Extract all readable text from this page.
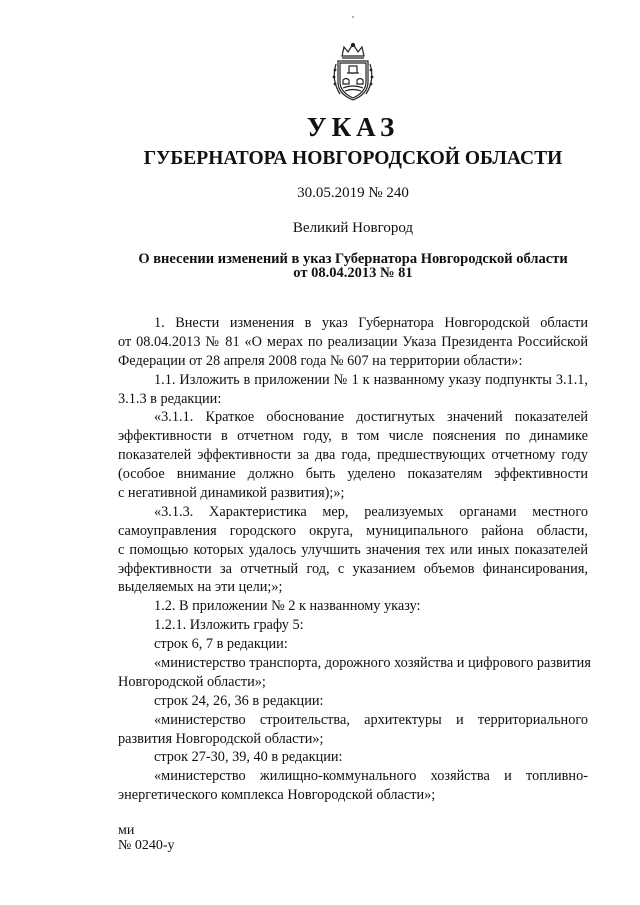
УКАЗ
ГУБЕРНАТОРА НОВГОРОДСКОЙ ОБЛАСТИ
30.05.2019 № 240
Великий Новгород
О внесении изменений в указ Губернатора Новгородской области
от 08.04.2013 № 81
1. Внести изменения в указ Губернатора Новгородской области
от 08.04.2013 № 81 «О мерах по реализации Указа Президента Российской
Федерации от 28 апреля 2008 года № 607 на территории области»:
1.1. Изложить в приложении № 1 к названному указу подпункты 3.1.1,
3.1.3 в редакции:
«3.1.1. Краткое обоснование достигнутых значений показателей
эффективности в отчетном году, в том числе пояснения по динамике
показателей эффективности за два года, предшествующих отчетному году
(особое внимание должно быть уделено показателям эффективности
с негативной динамикой развития);»;
«3.1.3. Характеристика мер, реализуемых органами местного
самоуправления городского округа, муниципального района области,
с помощью которых удалось улучшить значения тех или иных показателей
эффективности за отчетный год, с указанием объемов финансирования,
выделяемых на эти цели;»;
1.2. В приложении № 2 к названному указу:
1.2.1. Изложить графу 5:
строк 6, 7 в редакции:
«министерство транспорта, дорожного хозяйства и цифрового развития
Новгородской области»;
строк 24, 26, 36 в редакции:
«министерство строительства, архитектуры и территориального
развития Новгородской области»;
строк 27-30, 39, 40 в редакции:
«министерство жилищно-коммунального хозяйства и топливно-
энергетического комплекса Новгородской области»;
ми
№ 0240-у
